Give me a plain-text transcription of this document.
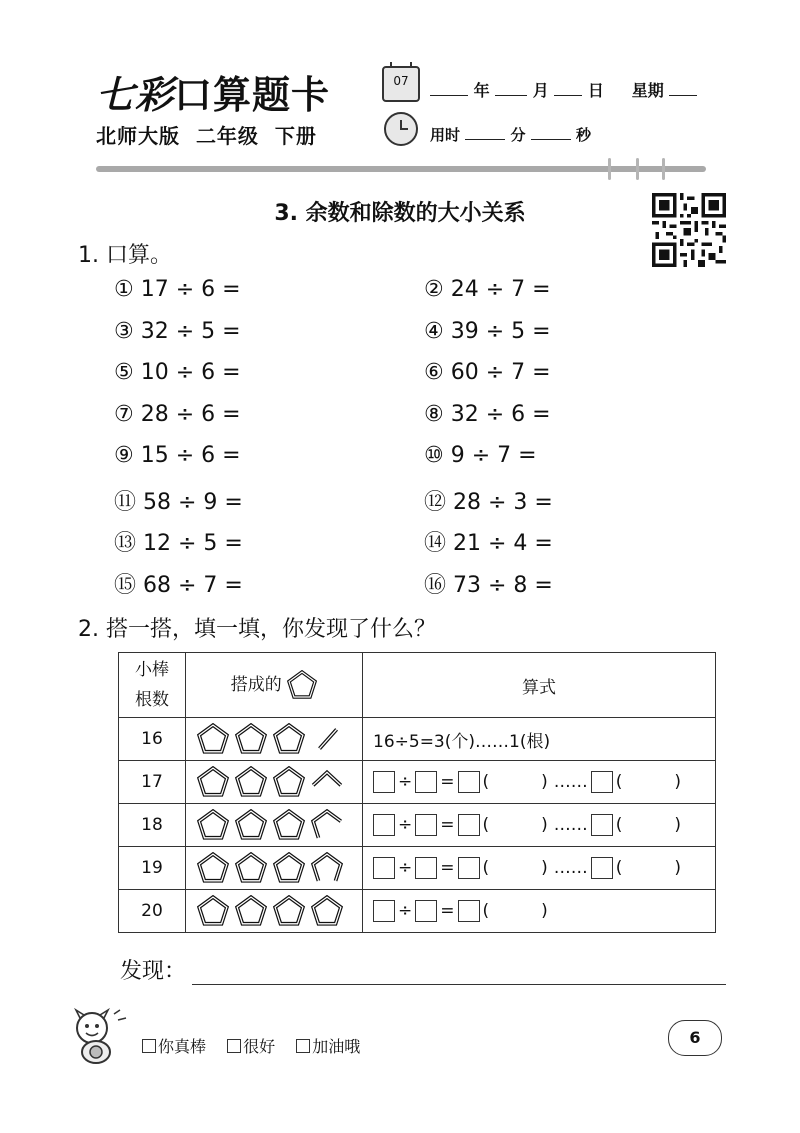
七彩口算题卡
北师大版 二年级 下册
07	年	月 日 星期
用时	分	秒
3. 余数和除数的大小关系
1. 口算。
① 17 ÷ 6 =	② 24 ÷ 7 =
③ 32 ÷ 5 =	④ 39 ÷ 5 =
⑤ 10 ÷ 6 =	⑥ 60 ÷ 7 =
⑦ 28 ÷ 6 =	⑧ 32 ÷ 6 =
⑨ 15 ÷ 6 =	⑩ 9 ÷ 7 =
⑪ 58 ÷ 9 =	⑫ 28 ÷ 3 =
⑬ 12 ÷ 5 =	⑭ 21 ÷ 4 =
⑮ 68 ÷ 7 =	⑯ 73 ÷ 8 =
2. 搭一搭，填一填，你发现了什么？
小棒
根数	搭成的	算式
16		16÷5=3(个)……1(根)
17		÷ = ( ) …… ( )
18		÷ = ( ) …… ( )
19		÷ = ( ) …… ( )
20		÷ = ( )
发现：
你真棒 很好 加油哦	6
